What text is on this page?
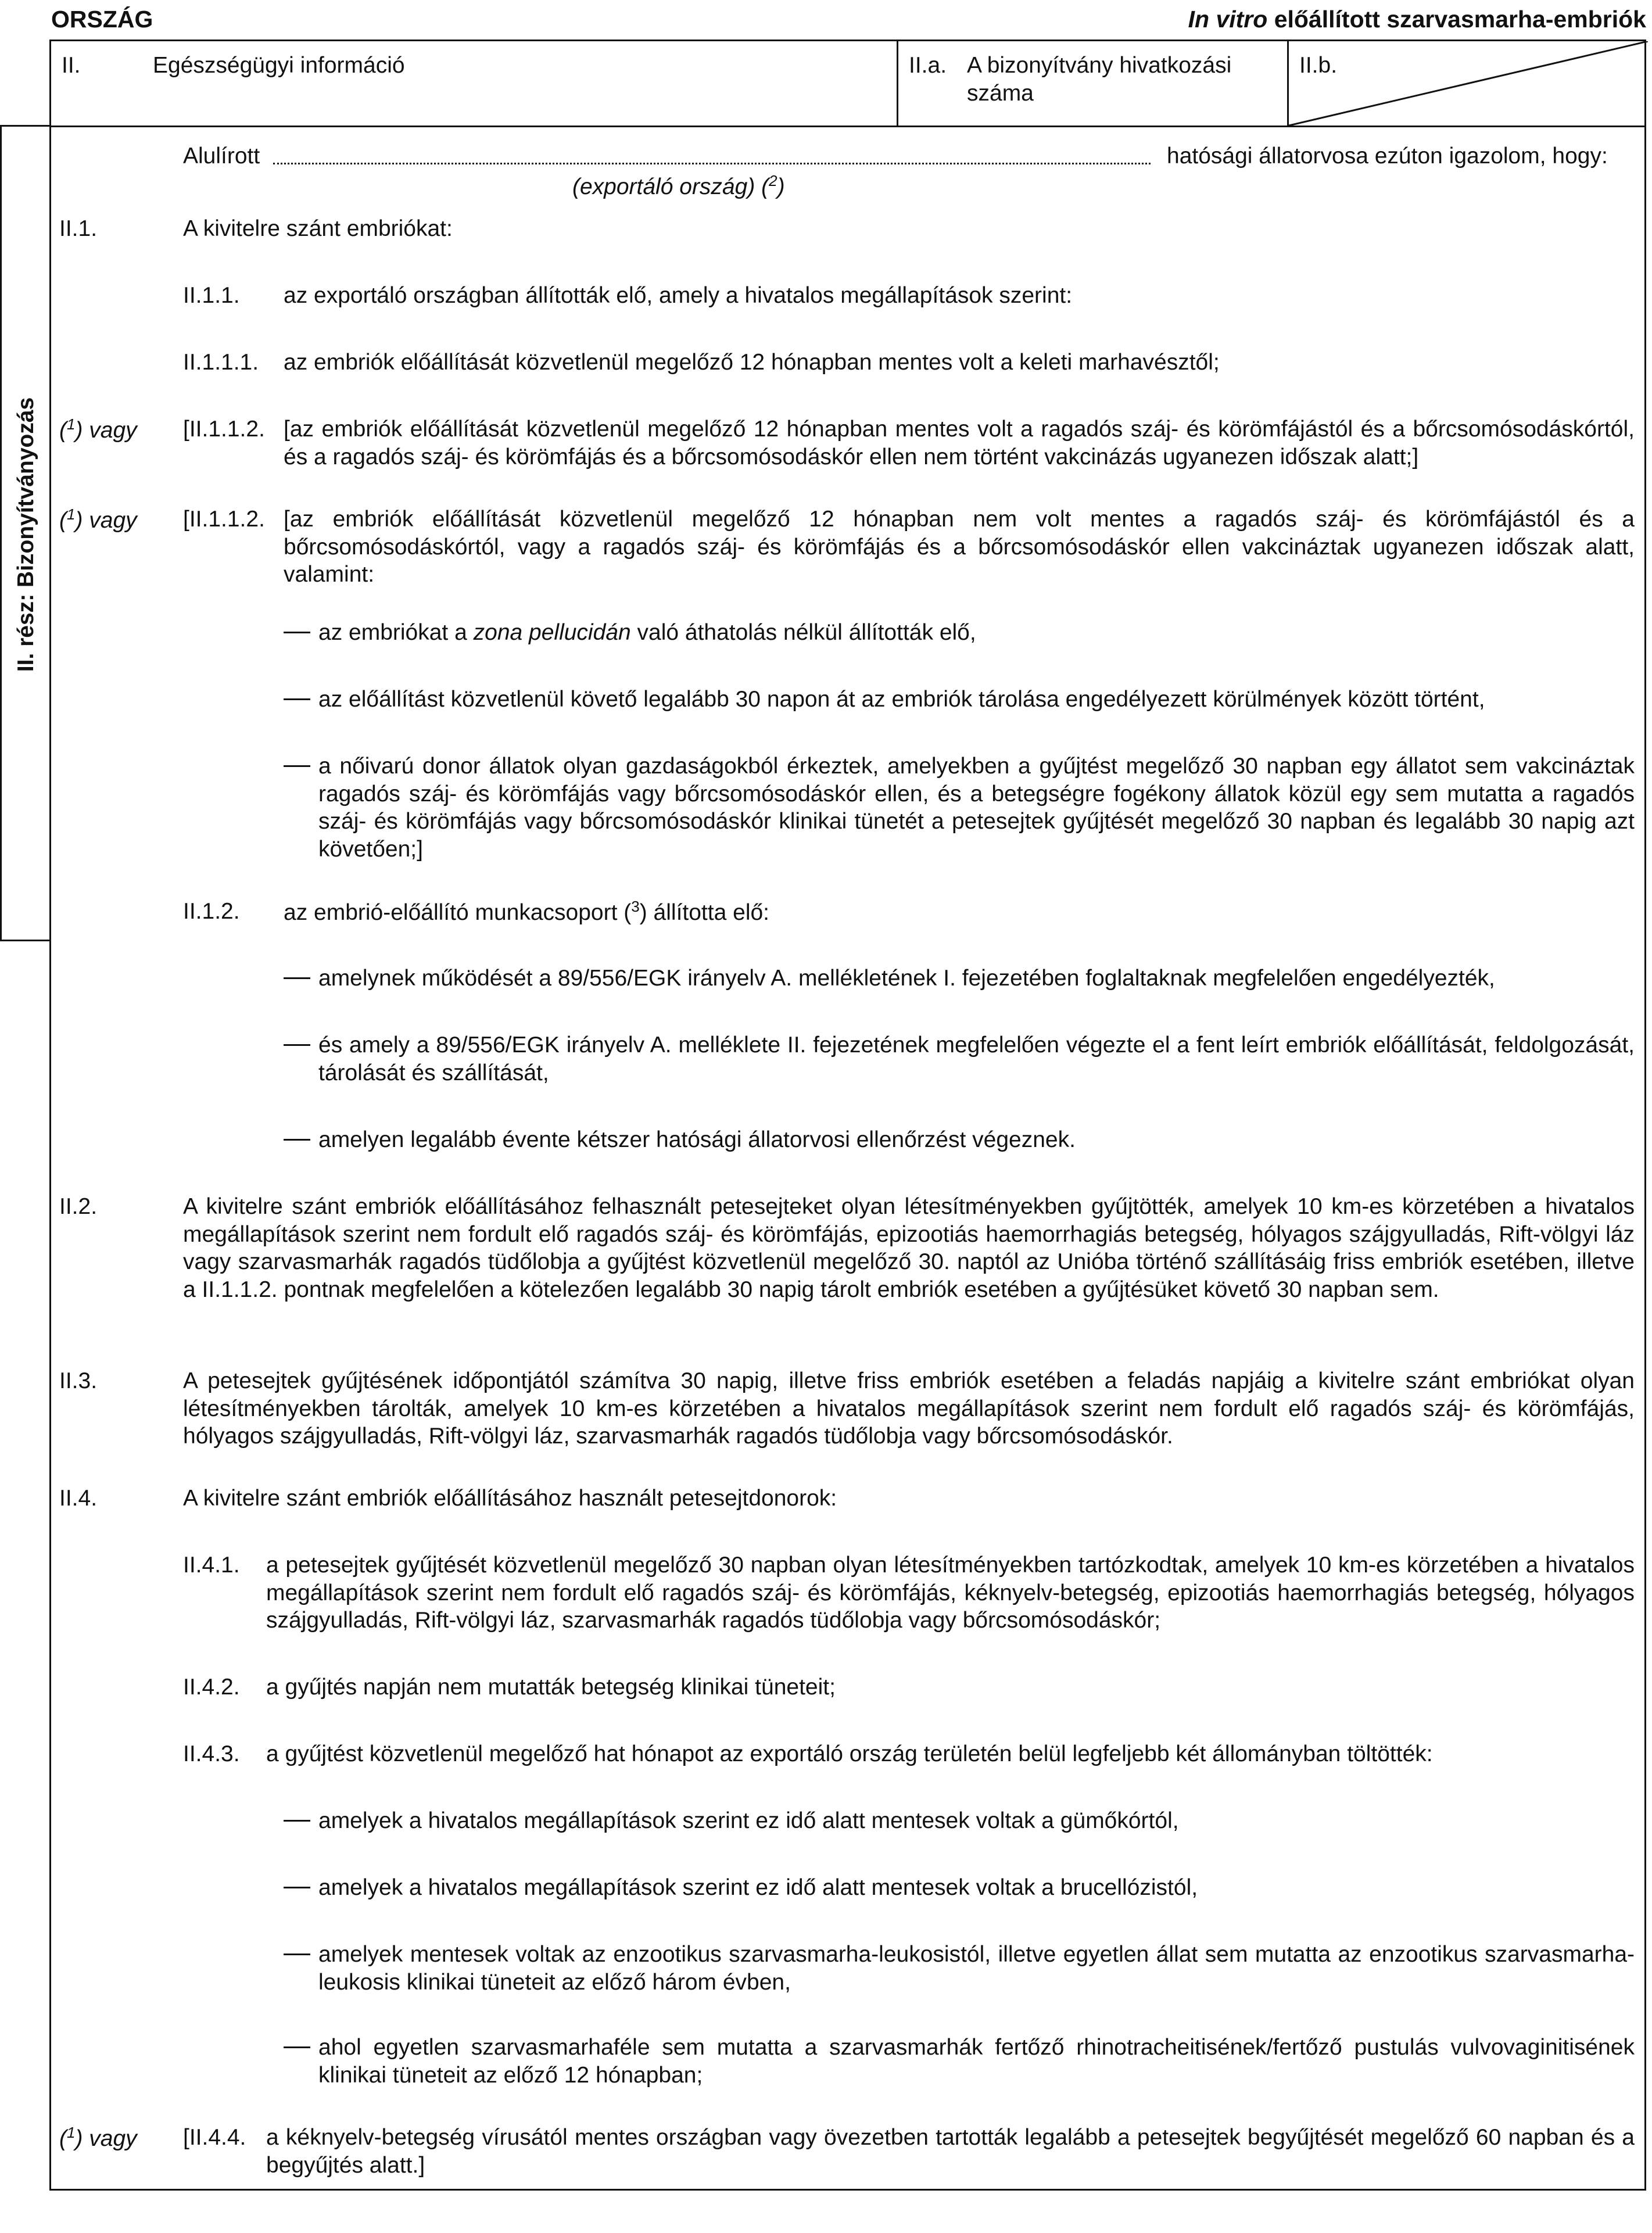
ORSZÁG	In vitro előállított szarvasmarha-embriók
II. rész: Bizonyítványozás
II.	Egészségügyi információ	II.a. A bizonyítvány hivatkozási
száma
II.b.
Alulírott	hatósági állatorvosa ezúton igazolom, hogy:
(exportáló ország) ($^2$)
II.1.	A kivitelre szánt embriókat:
II.1.1. az exportáló országban állították elő, amely a hivatalos megállapítások szerint:
II.1.1.1. az embriók előállítását közvetlenül megelőző 12 hónapban mentes volt a keleti marhavésztől;
($^1$) vagy [II.1.1.2. [az embriók előállítását közvetlenül megelőző 12 hónapban mentes volt a ragadós száj- és körömfájástól és a bőrcsomósodáskórtól, és a ragadós száj- és körömfájás és a bőrcsomósodáskór ellen nem történt vakcinázás ugyanezen időszak alatt;]
($^1$) vagy [II.1.1.2. [az embriók előállítását közvetlenül megelőző 12 hónapban nem volt mentes a ragadós száj- és körömfájástól és a bőrcsomósodáskórtól, vagy a ragadós száj- és körömfájás és a bőrcsomósodáskór ellen vakcináztak ugyanezen időszak alatt, valamint:
az embriókat a zona pellucidán való áthatolás nélkül állították elő,
az előállítást közvetlenül követő legalább 30 napon át az embriók tárolása engedélyezett körülmények között történt,
a nőivarú donor állatok olyan gazdaságokból érkeztek, amelyekben a gyűjtést megelőző 30 napban egy állatot sem vakcináztak ragadós száj- és körömfájás vagy bőrcsomósodáskór ellen, és a betegségre fogékony állatok közül egy sem mutatta a ragadós száj- és körömfájás vagy bőrcsomósodáskór klinikai tünetét a petesejtek gyűjtését megelőző 30 napban és legalább 30 napig azt követően;]
II.1.2. az embrió-előállító munkacsoport ($^3$) állította elő:
amelynek működését a 89/556/EGK irányelv A. mellékletének I. fejezetében foglaltaknak megfelelően engedélyezték,
és amely a 89/556/EGK irányelv A. melléklete II. fejezetének megfelelően végezte el a fent leírt embriók előállítását, feldolgozását, tárolását és szállítását,
amelyen legalább évente kétszer hatósági állatorvosi ellenőrzést végeznek.
II.2.	A kivitelre szánt embriók előállításához felhasznált petesejteket olyan létesítményekben gyűjtötték, amelyek 10 km-es körzetében a hivatalos megállapítások szerint nem fordult elő ragadós száj- és körömfájás, epizootiás haemorrhagiás betegség, hólyagos szájgyulladás, Rift-völgyi láz vagy szarvasmarhák ragadós tüdőlobja a gyűjtést közvetlenül megelőző 30. naptól az Unióba történő szállításáig friss embriók esetében, illetve a II.1.1.2. pontnak megfelelően a kötelezően legalább 30 napig tárolt embriók esetében a gyűjtésüket követő 30 napban sem.
II.3.	A petesejtek gyűjtésének időpontjától számítva 30 napig, illetve friss embriók esetében a feladás napjáig a kivitelre szánt embriókat olyan létesítményekben tárolták, amelyek 10 km-es körzetében a hivatalos megállapítások szerint nem fordult elő ragadós száj- és körömfájás, hólyagos szájgyulladás, Rift-völgyi láz, szarvasmarhák ragadós tüdőlobja vagy bőrcsomósodáskór.
II.4.	A kivitelre szánt embriók előállításához használt petesejtdonorok:
II.4.1. a petesejtek gyűjtését közvetlenül megelőző 30 napban olyan létesítményekben tartózkodtak, amelyek 10 km-es körzetében a hivatalos megállapítások szerint nem fordult elő ragadós száj- és körömfájás, kéknyelv-betegség, epizootiás haemorrhagiás betegség, hólyagos szájgyulladás, Rift-völgyi láz, szarvasmarhák ragadós tüdőlobja vagy bőrcsomósodáskór;
II.4.2. a gyűjtés napján nem mutatták betegség klinikai tüneteit;
II.4.3. a gyűjtést közvetlenül megelőző hat hónapot az exportáló ország területén belül legfeljebb két állományban töltötték:
amelyek a hivatalos megállapítások szerint ez idő alatt mentesek voltak a gümőkórtól,
amelyek a hivatalos megállapítások szerint ez idő alatt mentesek voltak a brucellózistól,
amelyek mentesek voltak az enzootikus szarvasmarha-leukosistól, illetve egyetlen állat sem mutatta az enzootikus szarvasmarha-leukosis klinikai tüneteit az előző három évben,
ahol egyetlen szarvasmarhaféle sem mutatta a szarvasmarhák fertőző rhinotracheitisének/fertőző pustulás vulvovaginitisének klinikai tüneteit az előző 12 hónapban;
($^1$) vagy [II.4.4. a kéknyelv-betegség vírusától mentes országban vagy övezetben tartották legalább a petesejtek begyűjtését megelőző 60 napban és a begyűjtés alatt.]
